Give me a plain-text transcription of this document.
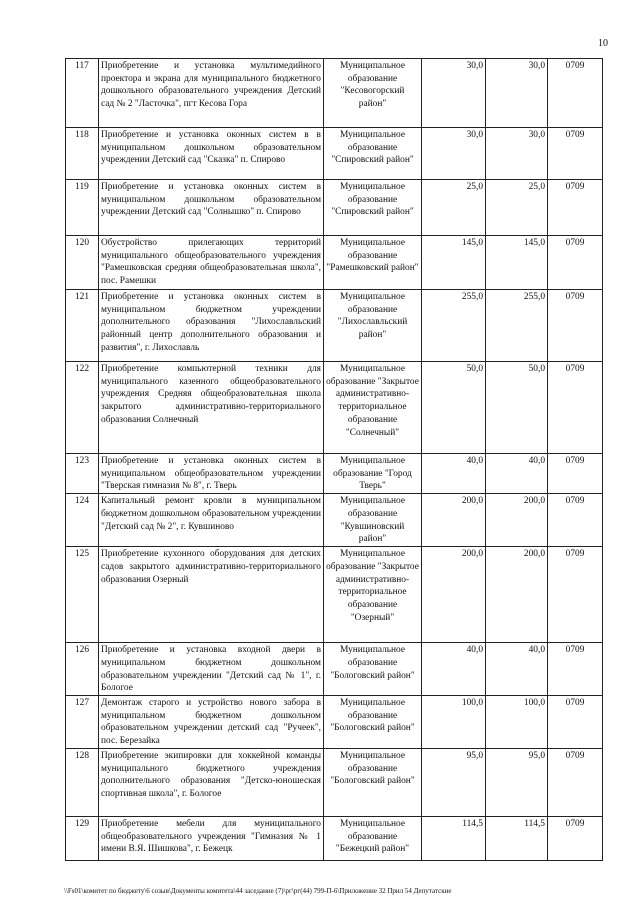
10
117	Приобретение и установка мультимедийного проектора и экрана для муниципального бюджетного дошкольного образовательного учреждения Детский сад № 2 "Ласточка", пгт Кесова Гора	Муниципальное образование "Кесовогорский район"	30,0	30,0	0709
118	Приобретение и установка оконных систем в в муниципальном дошкольном образовательном учреждении Детский сад "Сказка" п. Спирово	Муниципальное образование "Спировский район"	30,0	30,0	0709
119	Приобретение и установка оконных систем в муниципальном дошкольном образовательном учреждении Детский сад "Солнышко" п. Спирово	Муниципальное образование "Спировский район"	25,0	25,0	0709
120	Обустройство прилегающих территорий муниципального общеобразовательного учреждения "Рамешковская средняя общеобразовательная школа", пос. Рамешки	Муниципальное образование "Рамешковский район"	145,0	145,0	0709
121	Приобретение и установка оконных систем в муниципальном бюджетном учреждении дополнительного образования "Лихославльский районный центр дополнительного образования и развития", г. Лихославль	Муниципальное образование "Лихославльский район"	255,0	255,0	0709
122	Приобретение компьютерной техники для муниципального казенного общеобразовательного учреждения Средняя общеобразовательная школа закрытого административно-территориального образования Солнечный	Муниципальное образование "Закрытое административно-территориальное образование "Солнечный"	50,0	50,0	0709
123	Приобретение и установка оконных систем в муниципальном общеобразовательном учреждении "Тверская гимназия № 8", г. Тверь	Муниципальное образование "Город Тверь"	40,0	40,0	0709
124	Капитальный ремонт кровли в муниципальном бюджетном дошкольном образовательном учреждении "Детский сад № 2", г. Кувшиново	Муниципальное образование "Кувшиновский район"	200,0	200,0	0709
125	Приобретение кухонного оборудования для детских садов закрытого административно-территориального образования Озерный	Муниципальное образование "Закрытое административно-территориальное образование "Озерный"	200,0	200,0	0709
126	Приобретение и установка входной двери в муниципальном бюджетном дошкольном образовательном учреждении "Детский сад № 1", г. Бологое	Муниципальное образование "Бологовский район"	40,0	40,0	0709
127	Демонтаж старого и устройство нового забора в муниципальном бюджетном дошкольном образовательном учреждении детский сад "Ручеек", пос. Березайка	Муниципальное образование "Бологовский район"	100,0	100,0	0709
128	Приобретение экипировки для хоккейной команды муниципального бюджетного учреждения дополнительного образования "Детско-юношеская спортивная школа", г. Бологое	Муниципальное образование "Бологовский район"	95,0	95,0	0709
129	Приобретение мебели для муниципального общеобразовательного учреждения "Гимназия № 1 имени В.Я. Шишкова", г. Бежецк	Муниципальное образование "Бежецкий район"	114,5	114,5	0709
\\Fs01\комитет по бюджету\6 созыв\Документы комитета\44 заседание (7)\рг\рг(44) 799-П-6\Приложение 32 Прил 54 Депутатские
